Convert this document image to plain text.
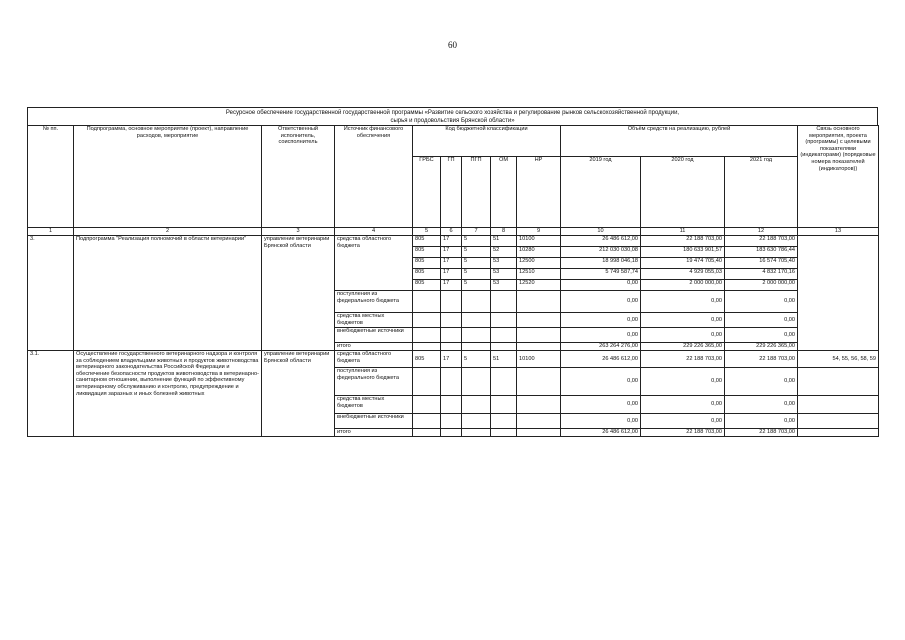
60
Ресурсное обеспечение государственной государственной программы «Развитие сельского хозяйства и регулирование рынков сельскохозяйственной продукции,
сырья и продовольствия Брянской области»
№ пп.	Подпрограмма, основное мероприятие (проект), направление расходов, мероприятие	Ответственный исполнитель, соисполнитель	Источник финансового обеспечения	Код бюджетной классификации					Объём средств на реализацию, рублей			Связь основного мероприятия, проекта (программы) с целевыми показателями (индикаторами) (порядковые номера показателей (индикаторов))
				ГРБС	ГП	ПГП	ОМ	НР	2019 год	2020 год	2021 год	
1	2	3	4	5	6	7	8	9	10	11	12	13
3.	Подпрограмма "Реализация полномочий в области ветеринарии"	управление ветеринарии Брянской области	средства областного бюджета	805	17	5	51	10100	26 486 612,00	22 188 703,00	22 188 703,00	
				805	17	5	52	10280	212 030 030,08	180 633 901,57	183 630 786,44	
				805	17	5	53	12500	18 998 046,18	19 474 705,40	16 574 705,40	
				805	17	5	53	12510	5 749 587,74	4 929 055,03	4 832 170,16	
				805	17	5	53	12520	0,00	2 000 000,00	2 000 000,00	
			поступления из федерального бюджета						0,00	0,00	0,00	
			средства местных бюджетов						0,00	0,00	0,00	
			внебюджетные источники						0,00	0,00	0,00	
			итого						263 264 276,00	229 226 365,00	229 226 365,00	
3.1.	Осуществление государственного ветеринарного надзора и контроля за соблюдением владельцами животных и продуктов животноводства ветеринарного законодательства Российской Федерации и обеспечение безопасности продуктов животноводства в ветеринарно-санитарном отношении, выполнение функций по эффективному ветеринарному обслуживанию и контролю, предупреждение и ликвидация заразных и иных болезней животных	управление ветеринарии Брянской области	средства областного бюджета	805	17	5	51	10100	26 486 612,00	22 188 703,00	22 188 703,00	54, 55, 56, 58, 59
			поступления из федерального бюджета						0,00	0,00	0,00	
			средства местных бюджетов						0,00	0,00	0,00	
			внебюджетные источники						0,00	0,00	0,00	
			итого						26 486 612,00	22 188 703,00	22 188 703,00	
